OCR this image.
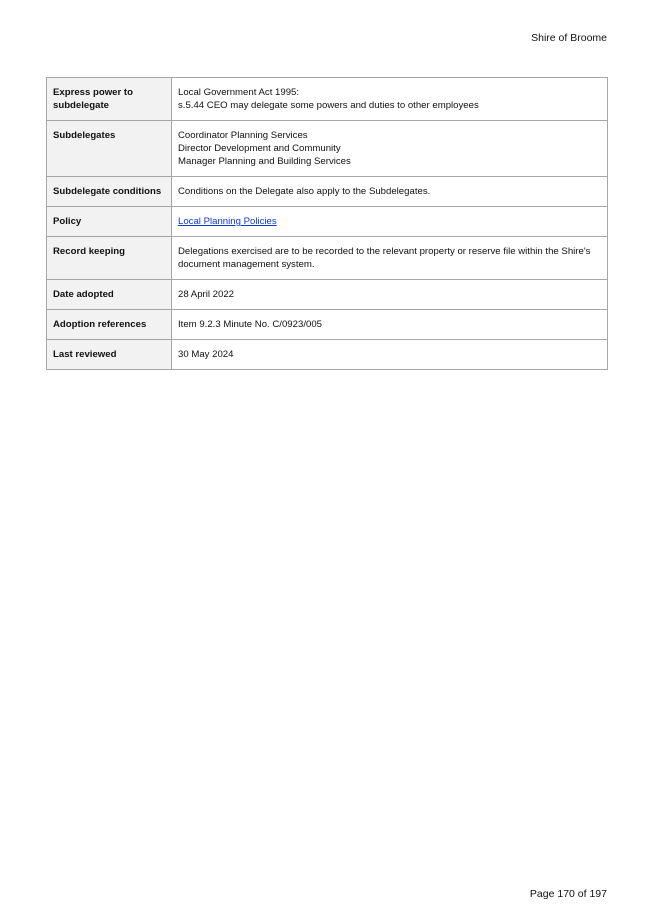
Shire of Broome
Express power to subdelegate	Local Government Act 1995:
s.5.44 CEO may delegate some powers and duties to other employees

Subdelegates	Coordinator Planning Services
Director Development and Community
Manager Planning and Building Services

Subdelegate conditions	Conditions on the Delegate also apply to the Subdelegates.

Policy	Local Planning Policies
Record keeping	Delegations exercised are to be recorded to the relevant property or reserve file within the Shire's document management system.

Date adopted	28 April 2022

Adoption references	Item 9.2.3 Minute No. C/0923/005

Last reviewed	30 May 2024
Page 170 of 197
